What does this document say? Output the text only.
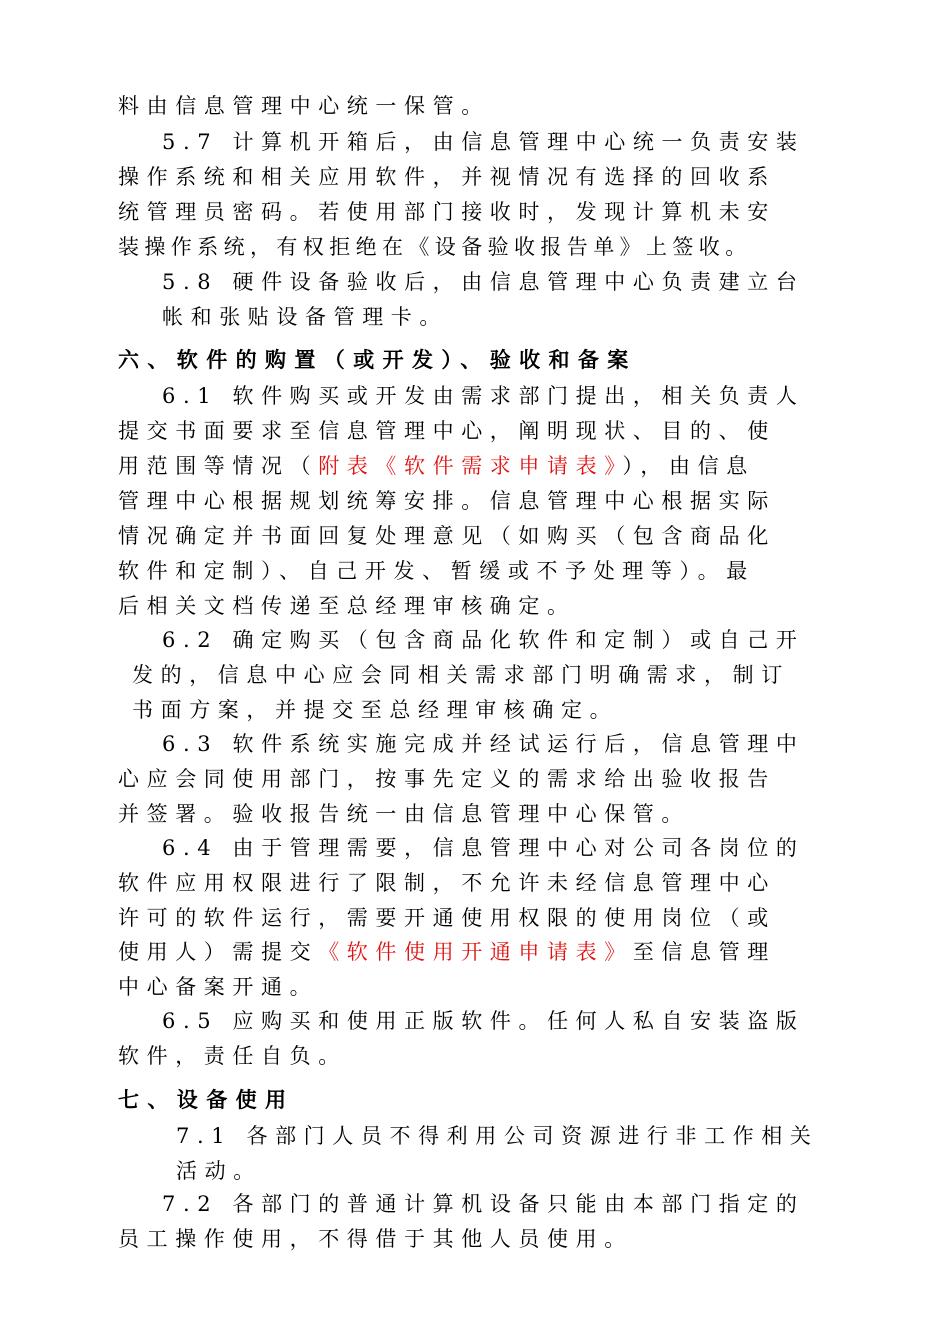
料由信息管理中心统一保管。
5.7 计算机开箱后，由信息管理中心统一负责安装
操作系统和相关应用软件，并视情况有选择的回收系
统管理员密码。若使用部门接收时，发现计算机未安
装操作系统，有权拒绝在《设备验收报告单》上签收。
5.8 硬件设备验收后，由信息管理中心负责建立台
帐和张贴设备管理卡。
六、软件的购置（或开发）、验收和备案
6.1 软件购买或开发由需求部门提出，相关负责人
提交书面要求至信息管理中心，阐明现状、目的、使
用范围等情况（附表《软件需求申请表》），由信息
管理中心根据规划统筹安排。信息管理中心根据实际
情况确定并书面回复处理意见（如购买（包含商品化
软件和定制）、自己开发、暂缓或不予处理等）。最
后相关文档传递至总经理审核确定。
6.2 确定购买（包含商品化软件和定制）或自己开
发的，信息中心应会同相关需求部门明确需求，制订
书面方案，并提交至总经理审核确定。
6.3 软件系统实施完成并经试运行后，信息管理中
心应会同使用部门，按事先定义的需求给出验收报告
并签署。验收报告统一由信息管理中心保管。
6.4 由于管理需要，信息管理中心对公司各岗位的
软件应用权限进行了限制，不允许未经信息管理中心
许可的软件运行，需要开通使用权限的使用岗位（或
使用人）需提交《软件使用开通申请表》至信息管理
中心备案开通。
6.5 应购买和使用正版软件。任何人私自安装盗版
软件，责任自负。
七、设备使用
7.1 各部门人员不得利用公司资源进行非工作相关
活动。
7.2 各部门的普通计算机设备只能由本部门指定的
员工操作使用，不得借于其他人员使用。
